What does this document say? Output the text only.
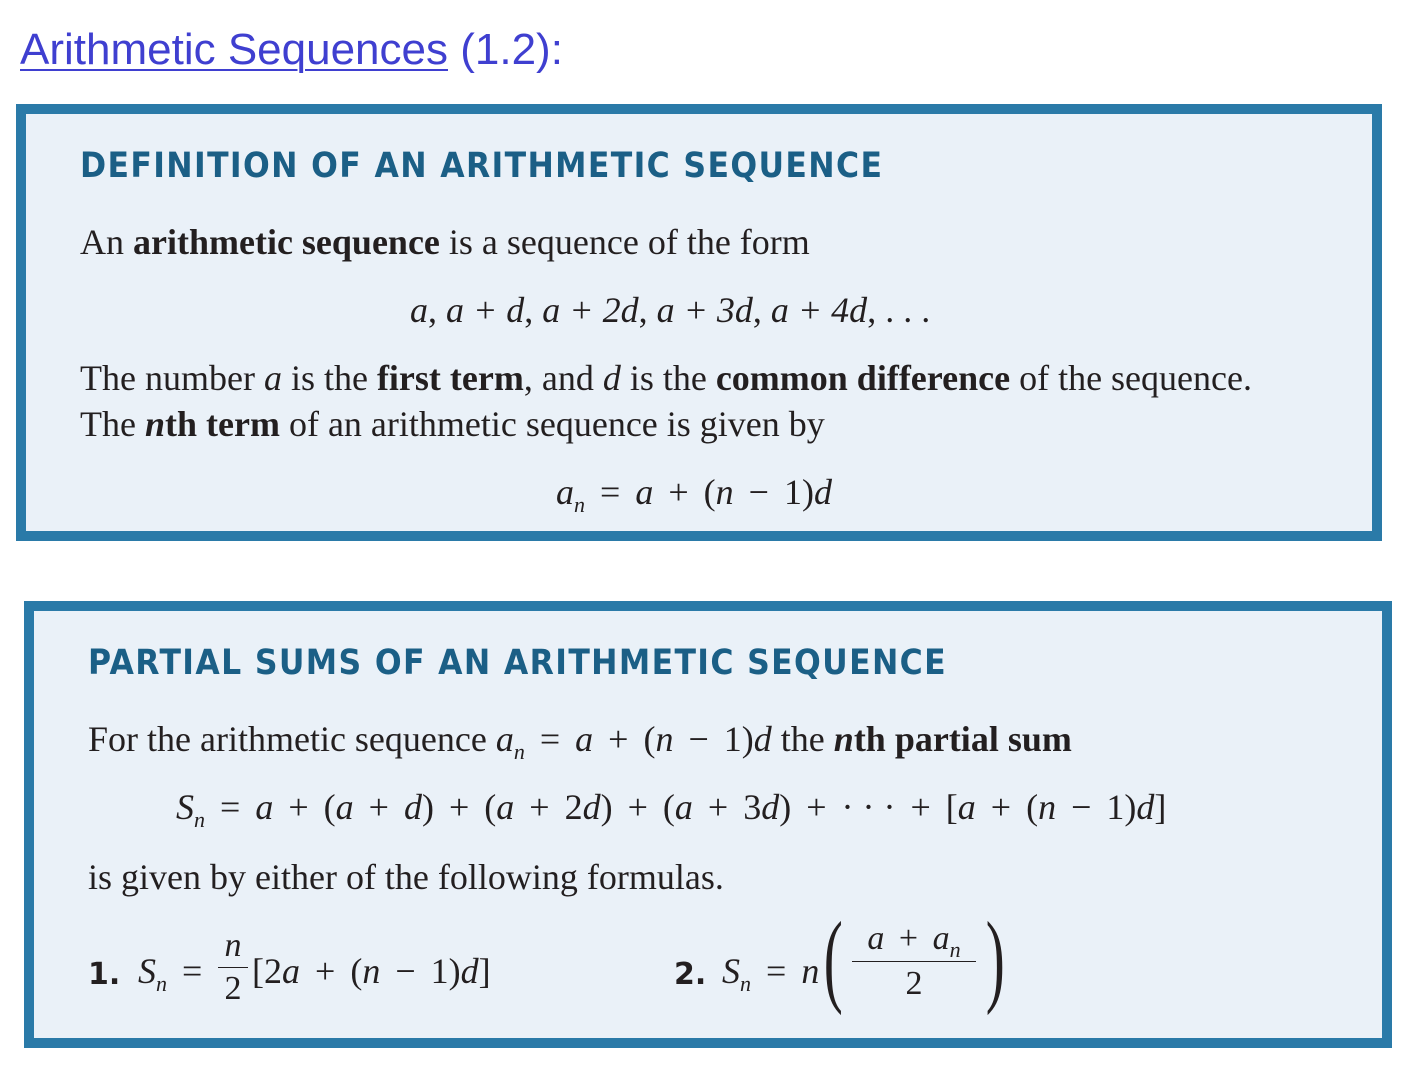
Arithmetic Sequences (1.2):
DEFINITION OF AN ARITHMETIC SEQUENCE
An arithmetic sequence is a sequence of the form
a, a + d, a + 2d, a + 3d, a + 4d, . . .
The number a is the first term, and d is the common difference of the sequence.
The nth term of an arithmetic sequence is given by
$a_n = a + (n - 1)d$
PARTIAL SUMS OF AN ARITHMETIC SEQUENCE
For the arithmetic sequence $a_n = a + (n - 1)d$ the nth partial sum
$S_n = a + (a + d) + (a + 2d) + (a + 3d)$ + · · · + [a + (n − 1)d]
is given by either of the following formulas.
1. $S_n$ =
n
2 [2a + (n − 1)d]	2. $S_n = n$ ( $a + a_n$
2 )
